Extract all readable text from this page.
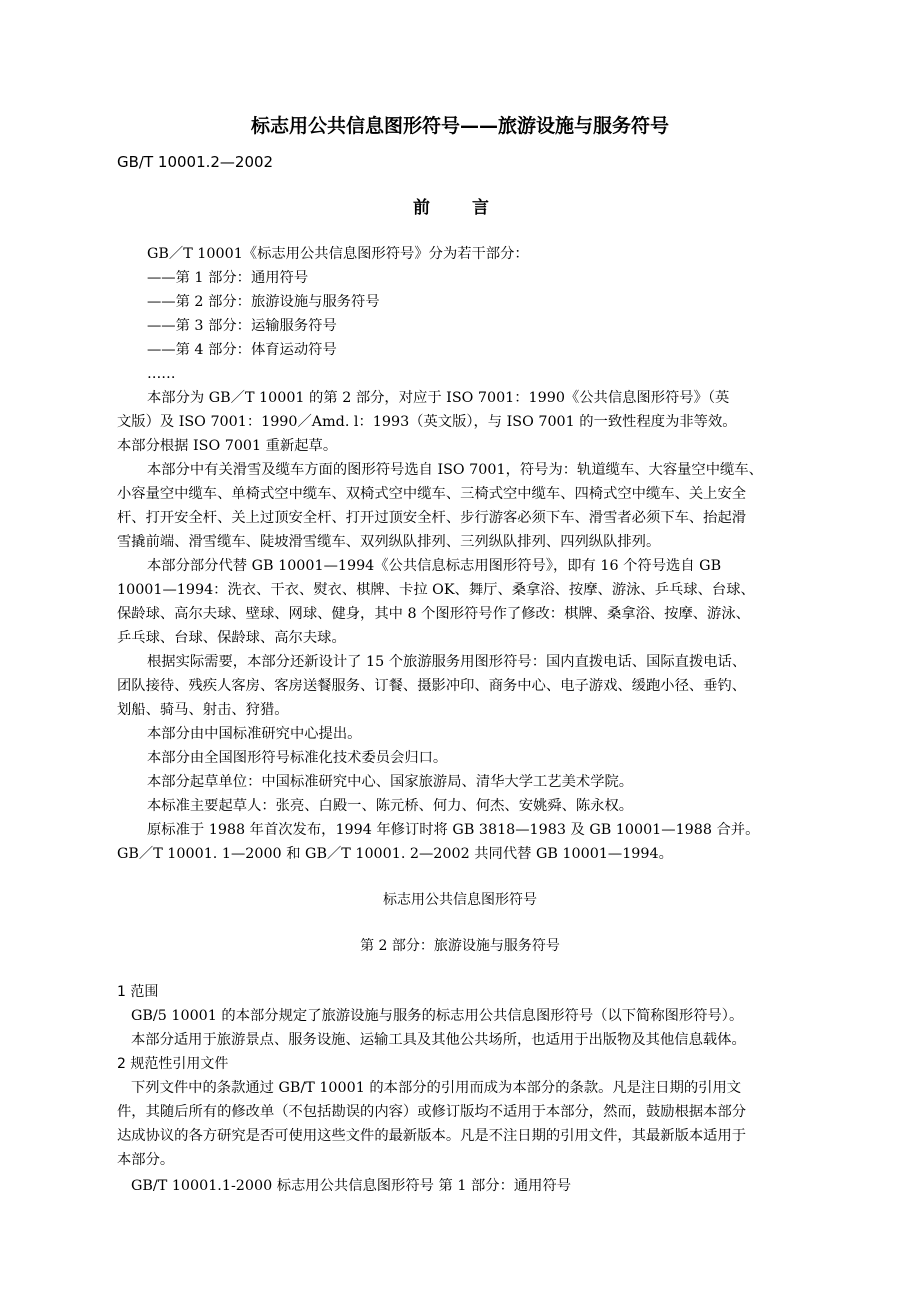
标志用公共信息图形符号——旅游设施与服务符号
GB/T 10001.2—2002
前 言
GB／T 10001《标志用公共信息图形符号》分为若干部分：
——第 1 部分：通用符号
——第 2 部分：旅游设施与服务符号
——第 3 部分：运输服务符号
——第 4 部分：体育运动符号
……
本部分为 GB／T 10001 的第 2 部分，对应于 ISO 7001：1990《公共信息图形符号》（英
文版）及 ISO 7001：1990／Amd. l：1993（英文版），与 ISO 7001 的一致性程度为非等效。
本部分根据 ISO 7001 重新起草。
本部分中有关滑雪及缆车方面的图形符号选自 ISO 7001，符号为：轨道缆车、大容量空中缆车、
小容量空中缆车、单椅式空中缆车、双椅式空中缆车、三椅式空中缆车、四椅式空中缆车、关上安全
杆、打开安全杆、关上过顶安全杆、打开过顶安全杆、步行游客必须下车、滑雪者必须下车、抬起滑
雪撬前端、滑雪缆车、陡坡滑雪缆车、双列纵队排列、三列纵队排列、四列纵队排列。
本部分部分代替 GB 10001—1994《公共信息标志用图形符号》，即有 16 个符号选自 GB
10001—1994：洗衣、干衣、熨衣、棋牌、卡拉 OK、舞厅、桑拿浴、按摩、游泳、乒乓球、台球、
保龄球、高尔夫球、壁球、网球、健身，其中 8 个图形符号作了修改：棋牌、桑拿浴、按摩、游泳、
乒乓球、台球、保龄球、高尔夫球。
根据实际需要，本部分还新设计了 15 个旅游服务用图形符号：国内直拨电话、国际直拨电话、
团队接待、残疾人客房、客房送餐服务、订餐、摄影冲印、商务中心、电子游戏、缓跑小径、垂钓、
划船、骑马、射击、狩猎。
本部分由中国标准研究中心提出。
本部分由全国图形符号标准化技术委员会归口。
本部分起草单位：中国标准研究中心、国家旅游局、清华大学工艺美术学院。
本标准主要起草人：张亮、白殿一、陈元桥、何力、何杰、安姚舜、陈永权。
原标准于 1988 年首次发布，1994 年修订时将 GB 3818—1983 及 GB 10001—1988 合并。
GB／T 10001. 1—2000 和 GB／T 10001. 2—2002 共同代替 GB 10001—1994。
标志用公共信息图形符号
第 2 部分：旅游设施与服务符号
1 范围
GB/5 10001 的本部分规定了旅游设施与服务的标志用公共信息图形符号（以下简称图形符号）。
本部分适用于旅游景点、服务设施、运输工具及其他公共场所，也适用于出版物及其他信息载体。
2 规范性引用文件
下列文件中的条款通过 GB/T 10001 的本部分的引用而成为本部分的条款。凡是注日期的引用文
件，其随后所有的修改单（不包括勘误的内容）或修订版均不适用于本部分，然而，鼓励根据本部分
达成协议的各方研究是否可使用这些文件的最新版本。凡是不注日期的引用文件，其最新版本适用于
本部分。
GB/T 10001.1-2000 标志用公共信息图形符号 第 1 部分：通用符号
